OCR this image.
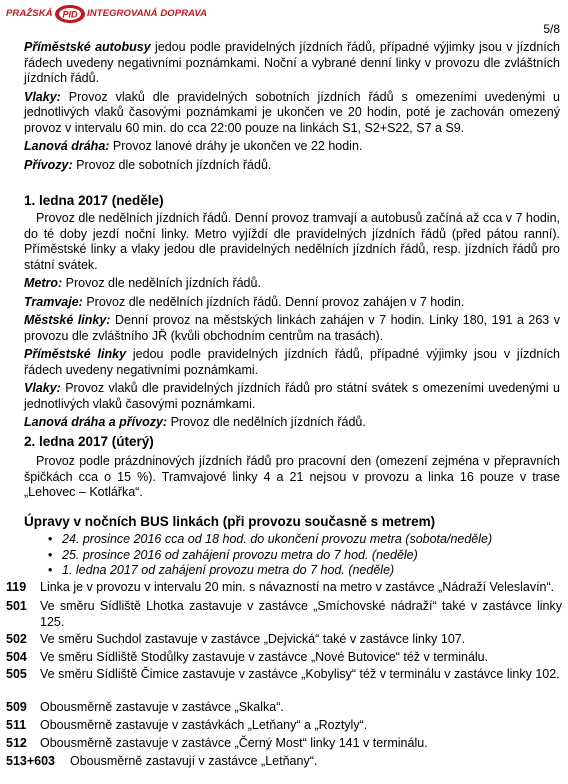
PRAŽSKÁ PID INTEGROVANÁ DOPRAVA
5/8

Příměstské autobusy jedou podle pravidelných jízdních řádů, případné výjimky jsou v jízdních řádech uvedeny negativními poznámkami. Noční a vybrané denní linky v provozu dle zvláštních jízdních řádů.

Vlaky: Provoz vlaků dle pravidelných sobotních jízdních řádů s omezeními uvedenými u jednotlivých vlaků časovými poznámkami je ukončen ve 20 hodin, poté je zachován omezený provoz v intervalu 60 min. do cca 22:00 pouze na linkách S1, S2+S22, S7 a S9.

Lanová dráha: Provoz lanové dráhy je ukončen ve 22 hodin.

Přívozy: Provoz dle sobotních jízdních řádů.

1. ledna 2017 (neděle)

Provoz dle nedělních jízdních řádů. Denní provoz tramvají a autobusů začíná až cca v 7 hodin, do té doby jezdí noční linky. Metro vyjíždí dle pravidelných jízdních řádů (před pátou ranní). Příměstské linky a vlaky jedou dle pravidelných nedělních jízdních řádů, resp. jízdních řádů pro státní svátek.

Metro: Provoz dle nedělních jízdních řádů.

Tramvaje: Provoz dle nedělních jízdních řádů. Denní provoz zahájen v 7 hodin.

Městské linky: Denní provoz na městských linkách zahájen v 7 hodin. Linky 180, 191 a 263 v provozu dle zvláštního JŘ (kvůli obchodním centrům na trasách).

Příměstské linky jedou podle pravidelných jízdních řádů, případné výjimky jsou v jízdních řádech uvedeny negativními poznámkami.

Vlaky: Provoz vlaků dle pravidelných jízdních řádů pro státní svátek s omezeními uvedenými u jednotlivých vlaků časovými poznámkami.

Lanová dráha a přívozy: Provoz dle nedělních jízdních řádů.

2. ledna 2017 (úterý)

Provoz podle prázdninových jízdních řádů pro pracovní den (omezení zejména v přepravních špičkách cca o 15 %). Tramvajové linky 4 a 21 nejsou v provozu a linka 16 pouze v trase „Lehovec – Kotlářka“.

Úpravy v nočních BUS linkách (při provozu současně s metrem)
• 24. prosince 2016 cca od 18 hod. do ukončení provozu metra (sobota/neděle)
• 25. prosince 2016 od zahájení provozu metra do 7 hod. (neděle)
• 1. ledna 2017 od zahájení provozu metra do 7 hod. (neděle)
119 Linka je v provozu v intervalu 20 min. s návazností na metro v zastávce „Nádraží Veleslavín“.
501 Ve směru Sídliště Lhotka zastavuje v zastávce „Smíchovské nádraží“ také v zastávce linky 125.
502 Ve směru Suchdol zastavuje v zastávce „Dejvická“ také v zastávce linky 107.
504 Ve směru Sídliště Stodůlky zastavuje v zastávce „Nové Butovice“ též v terminálu.
505 Ve směru Sídliště Čimice zastavuje v zastávce „Kobylisy“ též v terminálu v zastávce linky 102.
509 Obousměrně zastavuje v zastávce „Skalka“.
511 Obousměrně zastavuje v zastávkách „Letňany“ a „Roztyly“.
512 Obousměrně zastavuje v zastávce „Černý Most“ linky 141 v terminálu.
513+603 Obousměrně zastavují v zastávce „Letňany“.
